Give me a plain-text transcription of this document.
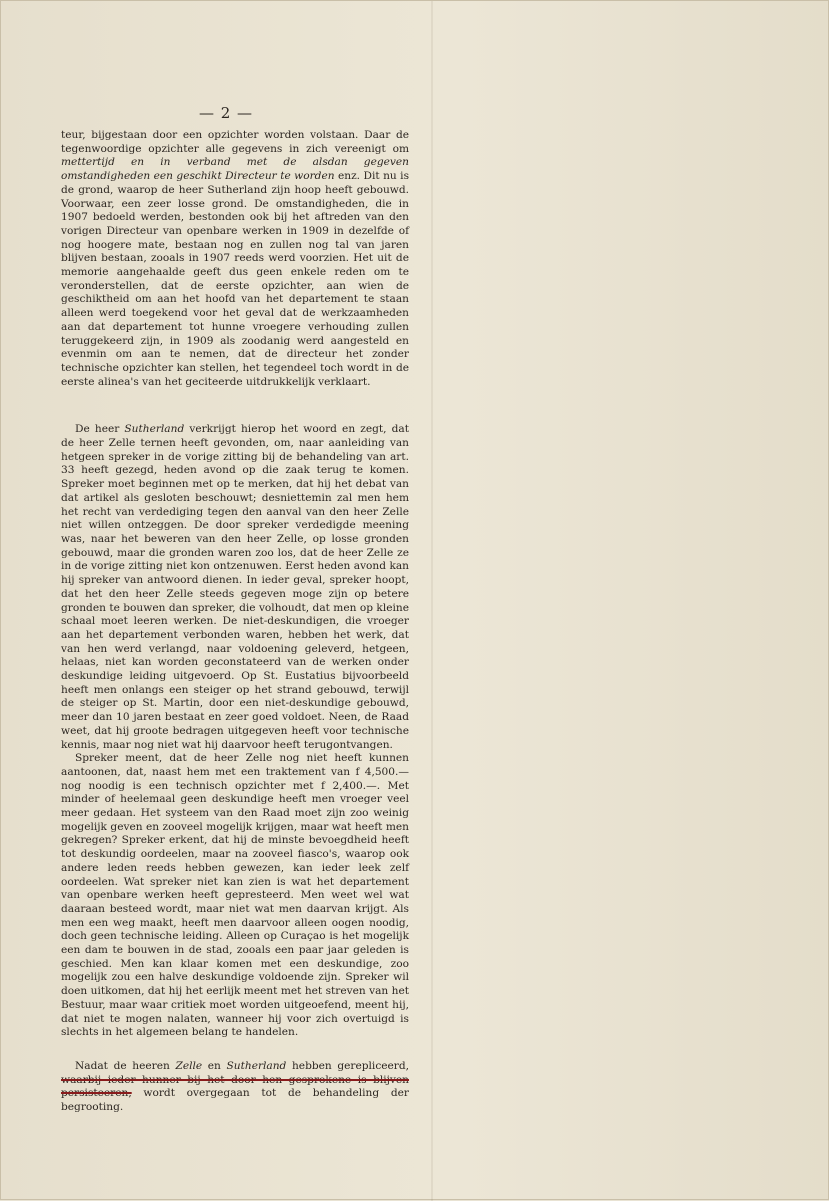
— 2 —

teur, bijgestaan door een opzichter worden volstaan. Daar de tegenwoordige opzichter alle gegevens in zich vereenigt om mettertijd en in verband met de alsdan gegeven omstandigheden een geschikt Directeur te worden enz. Dit nu is de grond, waarop de heer Sutherland zijn hoop heeft gebouwd. Voorwaar, een zeer losse grond. De omstandigheden, die in 1907 bedoeld werden, bestonden ook bij het aftreden van den vorigen Directeur van openbare werken in 1909 in dezelfde of nog hoogere mate, bestaan nog en zullen nog tal van jaren blijven bestaan, zooals in 1907 reeds werd voorzien. Het uit de memorie aangehaalde geeft dus geen enkele reden om te veronderstellen, dat de eerste opzichter, aan wien de geschiktheid om aan het hoofd van het departement te staan alleen werd toegekend voor het geval dat de werkzaamheden aan dat departement tot hunne vroegere verhouding zullen teruggekeerd zijn, in 1909 als zoodanig werd aangesteld en evenmin om aan te nemen, dat de directeur het zonder technische opzichter kan stellen, het tegendeel toch wordt in de eerste alinea's van het geciteerde uitdrukkelijk verklaart.

De heer Sutherland verkrijgt hierop het woord en zegt, dat de heer Zelle ternen heeft gevonden, om, naar aanleiding van hetgeen spreker in de vorige zitting bij de behandeling van art. 33 heeft gezegd, heden avond op die zaak terug te komen. Spreker moet beginnen met op te merken, dat hij het debat van dat artikel als gesloten beschouwt; desniettemin zal men hem het recht van verdediging tegen den aanval van den heer Zelle niet willen ontzeggen. De door spreker verdedigde meening was, naar het beweren van den heer Zelle, op losse gronden gebouwd, maar die gronden waren zoo los, dat de heer Zelle ze in de vorige zitting niet kon ontzenuwen. Eerst heden avond kan hij spreker van antwoord dienen. In ieder geval, spreker hoopt, dat het den heer Zelle steeds gegeven moge zijn op betere gronden te bouwen dan spreker, die volhoudt, dat men op kleine schaal moet leeren werken. De niet-deskundigen, die vroeger aan het departement verbonden waren, hebben het werk, dat van hen werd verlangd, naar voldoening geleverd, hetgeen, helaas, niet kan worden geconstateerd van de werken onder deskundige leiding uitgevoerd. Op St. Eustatius bijvoorbeeld heeft men onlangs een steiger op het strand gebouwd, terwijl de steiger op St. Martin, door een niet-deskundige gebouwd, meer dan 10 jaren bestaat en zeer goed voldoet. Neen, de Raad weet, dat hij groote bedragen uitgegeven heeft voor technische kennis, maar nog niet wat hij daarvoor heeft terugontvangen.

Spreker meent, dat de heer Zelle nog niet heeft kunnen aantoonen, dat, naast hem met een traktement van f 4,500.— nog noodig is een technisch opzichter met f 2,400.—. Met minder of heelemaal geen deskundige heeft men vroeger veel meer gedaan. Het systeem van den Raad moet zijn zoo weinig mogelijk geven en zooveel mogelijk krijgen, maar wat heeft men gekregen? Spreker erkent, dat hij de minste bevoegdheid heeft tot deskundig oordeelen, maar na zooveel fiasco's, waarop ook andere leden reeds hebben gewezen, kan ieder leek zelf oordeelen. Wat spreker niet kan zien is wat het departement van openbare werken heeft gepresteerd. Men weet wel wat daaraan besteed wordt, maar niet wat men daarvan krijgt. Als men een weg maakt, heeft men daarvoor alleen oogen noodig, doch geen technische leiding. Alleen op Curaçao is het mogelijk een dam te bouwen in de stad, zooals een paar jaar geleden is geschied. Men kan klaar komen met een deskundige, zoo mogelijk zou een halve deskundige voldoende zijn. Spreker wil doen uitkomen, dat hij het eerlijk meent met het streven van het Bestuur, maar waar critiek moet worden uitgeoefend, meent hij, dat niet te mogen nalaten, wanneer hij voor zich overtuigd is slechts in het algemeen belang te handelen.

Nadat de heeren Zelle en Sutherland hebben gerepliceerd, waarbij ieder hunner bij het door hen gesprokene is blijven persisteeren, wordt overgegaan tot de behandeling der begrooting.
